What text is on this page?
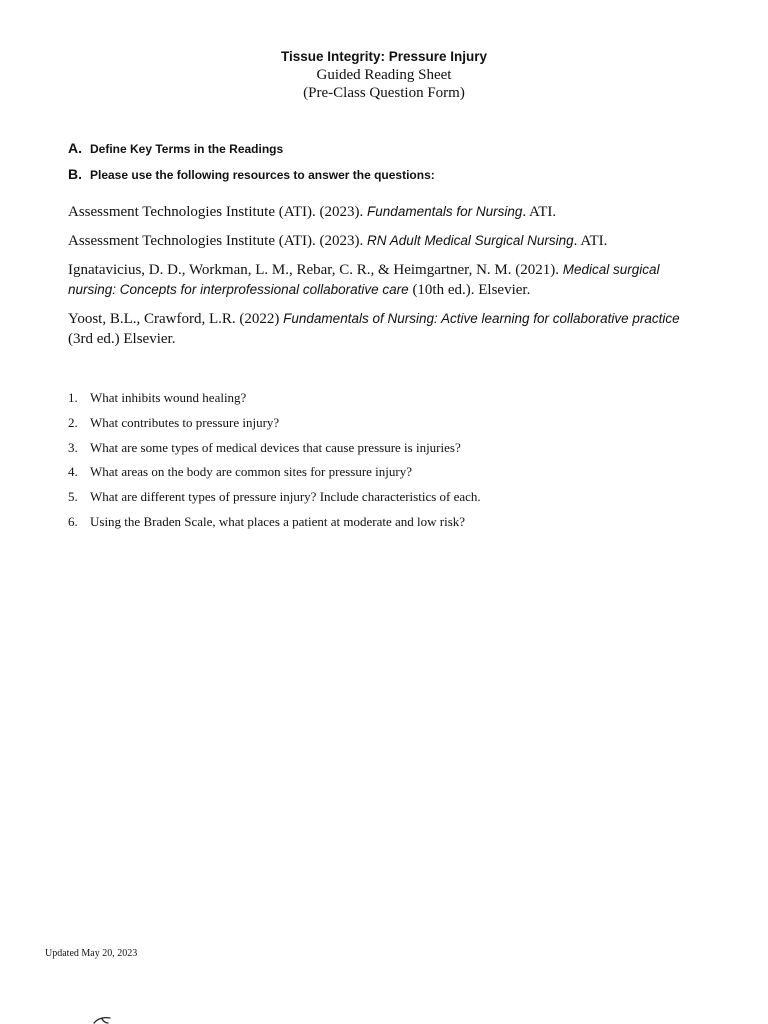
Tissue Integrity: Pressure Injury

Guided Reading Sheet

(Pre-Class Question Form)

A. Define Key Terms in the Readings
B. Please use the following resources to answer the questions:

Assessment Technologies Institute (ATI). (2023). Fundamentals for Nursing. ATI.

Assessment Technologies Institute (ATI). (2023). RN Adult Medical Surgical Nursing. ATI.

Ignatavicius, D. D., Workman, L. M., Rebar, C. R., & Heimgartner, N. M. (2021). Medical surgical nursing: Concepts for interprofessional collaborative care (10th ed.). Elsevier.

Yoost, B.L., Crawford, L.R. (2022) Fundamentals of Nursing: Active learning for collaborative practice (3rd ed.) Elsevier.

1. What inhibits wound healing?
2. What contributes to pressure injury?
3. What are some types of medical devices that cause pressure is injuries?
4. What areas on the body are common sites for pressure injury?
5. What are different types of pressure injury? Include characteristics of each.
6. Using the Braden Scale, what places a patient at moderate and low risk?
Updated May 20, 2023
